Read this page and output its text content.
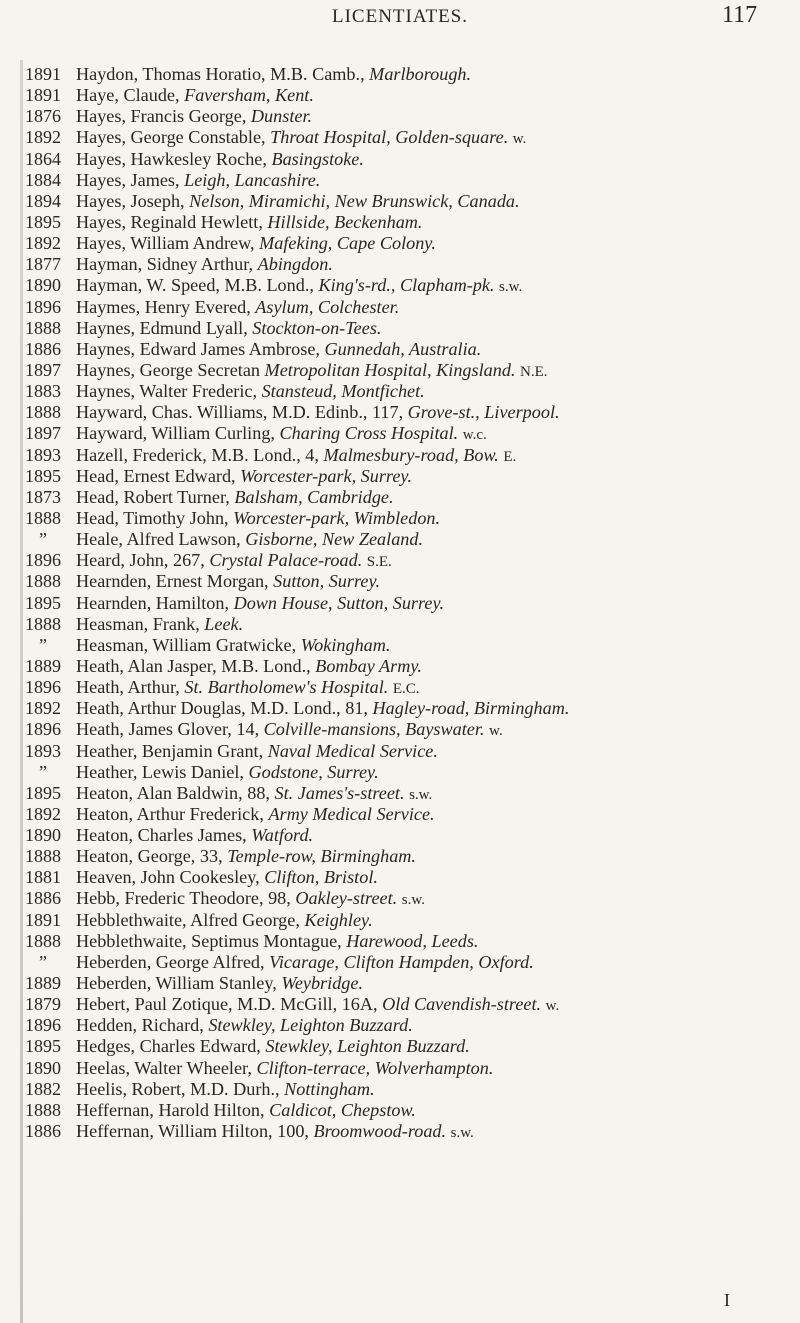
LICENTIATES.	117
1891 Haydon, Thomas Horatio, M.B. Camb., Marlborough.
1891 Haye, Claude, Faversham, Kent.
1876 Hayes, Francis George, Dunster.
1892 Hayes, George Constable, Throat Hospital, Golden-square. w.
1864 Hayes, Hawkesley Roche, Basingstoke.
1884 Hayes, James, Leigh, Lancashire.
1894 Hayes, Joseph, Nelson, Miramichi, New Brunswick, Canada.
1895 Hayes, Reginald Hewlett, Hillside, Beckenham.
1892 Hayes, William Andrew, Mafeking, Cape Colony.
1877 Hayman, Sidney Arthur, Abingdon.
1890 Hayman, W. Speed, M.B. Lond., King's-rd., Clapham-pk. s.w.
1896 Haymes, Henry Evered, Asylum, Colchester.
1888 Haynes, Edmund Lyall, Stockton-on-Tees.
1886 Haynes, Edward James Ambrose, Gunnedah, Australia.
1897 Haynes, George Secretan Metropolitan Hospital, Kingsland. N.E.
1883 Haynes, Walter Frederic, Stansteud, Montfichet.
1888 Hayward, Chas. Williams, M.D. Edinb., 117, Grove-st., Liverpool.
1897 Hayward, William Curling, Charing Cross Hospital. w.c.
1893 Hazell, Frederick, M.B. Lond., 4, Malmesbury-road, Bow. E.
1895 Head, Ernest Edward, Worcester-park, Surrey.
1873 Head, Robert Turner, Balsham, Cambridge.
1888 Head, Timothy John, Worcester-park, Wimbledon.
”	Heale, Alfred Lawson, Gisborne, New Zealand.
1896 Heard, John, 267, Crystal Palace-road. S.E.
1888 Hearnden, Ernest Morgan, Sutton, Surrey.
1895 Hearnden, Hamilton, Down House, Sutton, Surrey.
1888 Heasman, Frank, Leek.
”	Heasman, William Gratwicke, Wokingham.
1889 Heath, Alan Jasper, M.B. Lond., Bombay Army.
1896 Heath, Arthur, St. Bartholomew's Hospital. E.C.
1892 Heath, Arthur Douglas, M.D. Lond., 81, Hagley-road, Birmingham.
1896 Heath, James Glover, 14, Colville-mansions, Bayswater. w.
1893 Heather, Benjamin Grant, Naval Medical Service.
”	Heather, Lewis Daniel, Godstone, Surrey.
1895 Heaton, Alan Baldwin, 88, St. James's-street. s.w.
1892 Heaton, Arthur Frederick, Army Medical Service.
1890 Heaton, Charles James, Watford.
1888 Heaton, George, 33, Temple-row, Birmingham.
1881 Heaven, John Cookesley, Clifton, Bristol.
1886 Hebb, Frederic Theodore, 98, Oakley-street. s.w.
1891 Hebblethwaite, Alfred George, Keighley.
1888 Hebblethwaite, Septimus Montague, Harewood, Leeds.
”	Heberden, George Alfred, Vicarage, Clifton Hampden, Oxford.
1889 Heberden, William Stanley, Weybridge.
1879 Hebert, Paul Zotique, M.D. McGill, 16A, Old Cavendish-street. w.
1896 Hedden, Richard, Stewkley, Leighton Buzzard.
1895 Hedges, Charles Edward, Stewkley, Leighton Buzzard.
1890 Heelas, Walter Wheeler, Clifton-terrace, Wolverhampton.
1882 Heelis, Robert, M.D. Durh., Nottingham.
1888 Heffernan, Harold Hilton, Caldicot, Chepstow.
1886 Heffernan, William Hilton, 100, Broomwood-road. s.w.
I
